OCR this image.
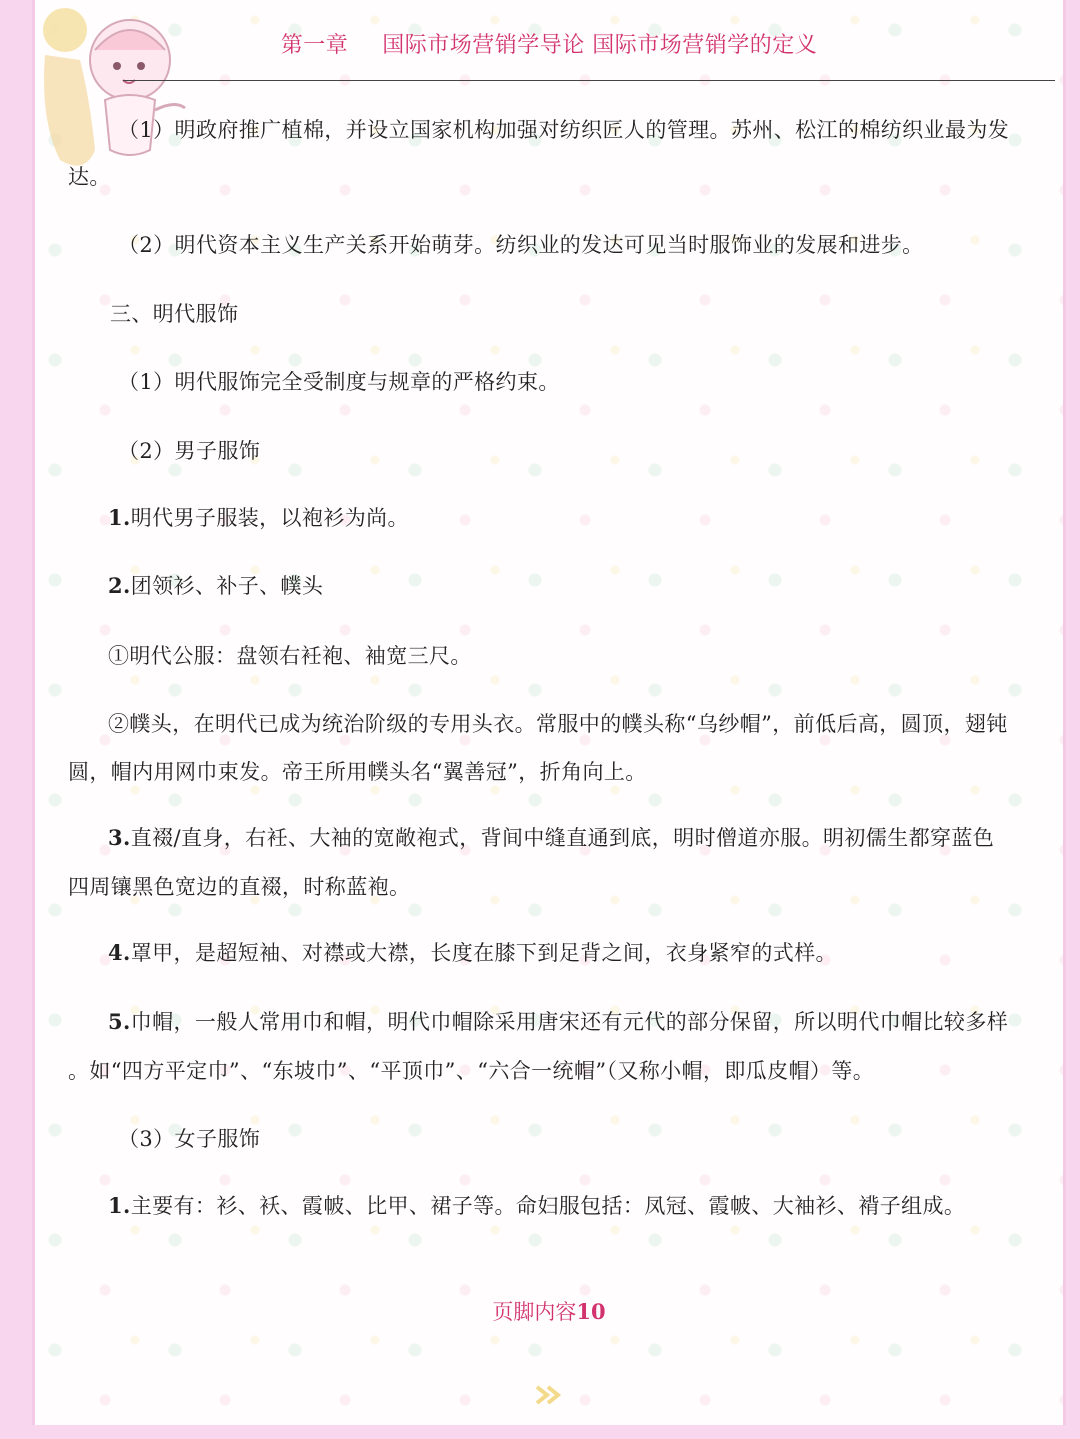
第一章 国际市场营销学导论 国际市场营销学的定义
（1）明政府推广植棉，并设立国家机构加强对纺织匠人的管理。苏州、松江的棉纺织业最为发
达。
（2）明代资本主义生产关系开始萌芽。纺织业的发达可见当时服饰业的发展和进步。
三、明代服饰
（1）明代服饰完全受制度与规章的严格约束。
（2）男子服饰
1.明代男子服装，以袍衫为尚。
2.团领衫、补子、幞头
①明代公服：盘领右衽袍、袖宽三尺。
②幞头，在明代已成为统治阶级的专用头衣。常服中的幞头称“乌纱帽”，前低后高，圆顶，翅钝
圆，帽内用网巾束发。帝王所用幞头名“翼善冠”，折角向上。
3.直裰/直身，右衽、大袖的宽敞袍式，背间中缝直通到底，明时僧道亦服。明初儒生都穿蓝色
四周镶黑色宽边的直裰，时称蓝袍。
4.罩甲，是超短袖、对襟或大襟，长度在膝下到足背之间，衣身紧窄的式样。
5.巾帽，一般人常用巾和帽，明代巾帽除采用唐宋还有元代的部分保留，所以明代巾帽比较多样
。如“四方平定巾”、“东坡巾”、“平顶巾”、“六合一统帽”（又称小帽，即瓜皮帽）等。
（3）女子服饰
1.主要有：衫、袄、霞帔、比甲、裙子等。命妇服包括：凤冠、霞帔、大袖衫、褙子组成。
页脚内容10
